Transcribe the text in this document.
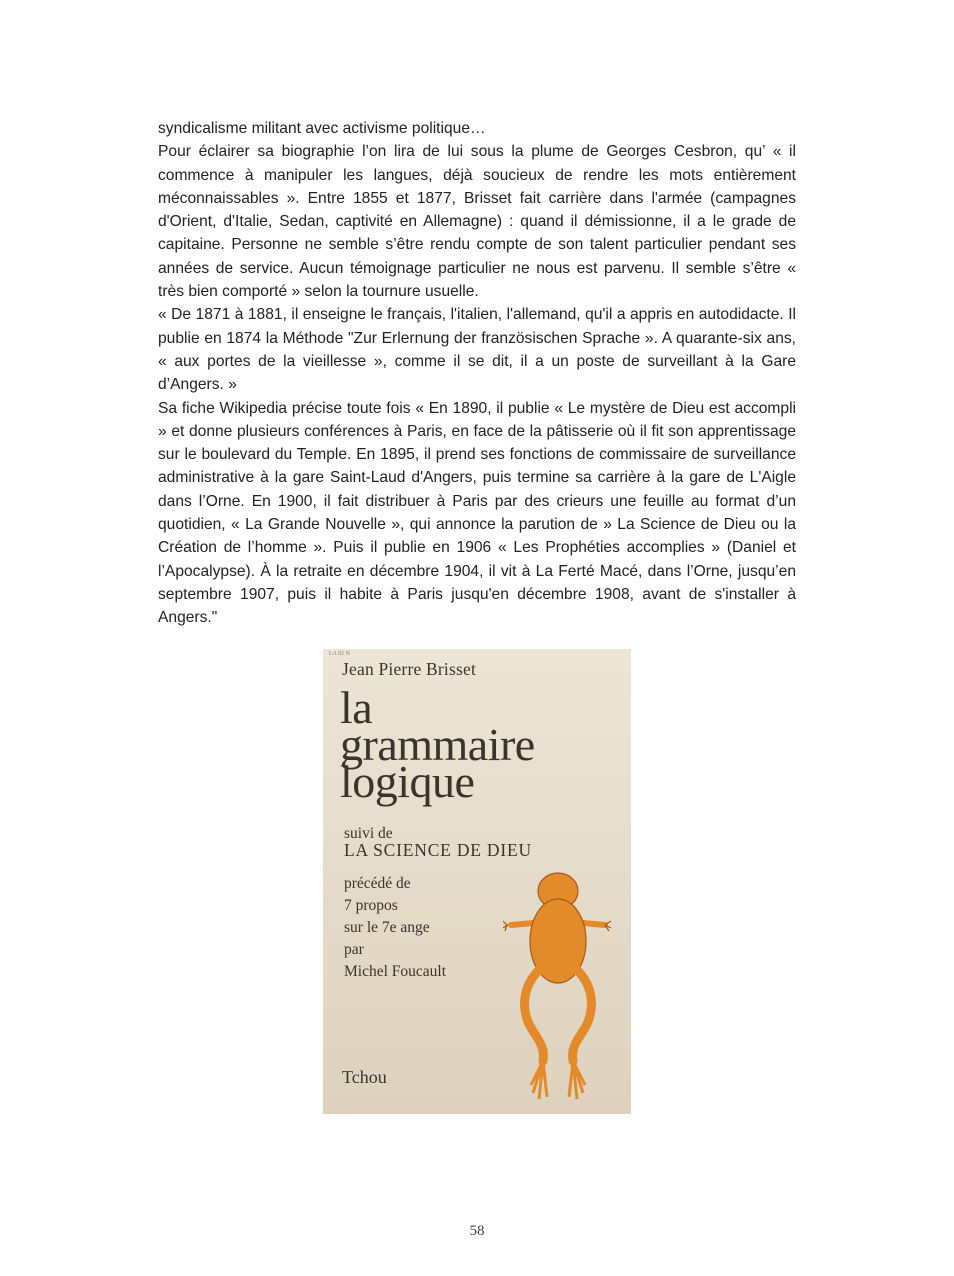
syndicalisme militant avec activisme politique…

Pour éclairer sa biographie l’on lira de lui sous la plume de Georges Cesbron, qu’ « il commence à manipuler les langues, déjà soucieux de rendre les mots entièrement méconnaissables ». Entre 1855 et 1877, Brisset fait carrière dans l'armée (campagnes d'Orient, d'Italie, Sedan, captivité en Allemagne) : quand il démissionne, il a le grade de capitaine. Personne ne semble s’être rendu compte de son talent particulier pendant ses années de service. Aucun témoignage particulier ne nous est parvenu. Il semble s’être « très bien comporté » selon la tournure usuelle.

« De 1871 à 1881, il enseigne le français, l'italien, l'allemand, qu'il a appris en autodidacte. Il publie en 1874 la Méthode "Zur Erlernung der französischen Sprache ». A quarante-six ans, « aux portes de la vieillesse », comme il se dit, il a un poste de surveillant à la Gare d’Angers. »

Sa fiche Wikipedia précise toute fois « En 1890, il publie « Le mystère de Dieu est accompli » et donne plusieurs conférences à Paris, en face de la pâtisserie où il fit son apprentissage sur le boulevard du Temple. En 1895, il prend ses fonctions de commissaire de surveillance administrative à la gare Saint-Laud d'Angers, puis termine sa carrière à la gare de L'Aigle dans l’Orne. En 1900, il fait distribuer à Paris par des crieurs une feuille au format d’un quotidien, « La Grande Nouvelle », qui annonce la parution de » La Science de Dieu ou la Création de l’homme ». Puis il publie en 1906 « Les Prophéties accomplies » (Daniel et l’Apocalypse). À la retraite en décembre 1904, il vit à La Ferté Macé, dans l’Orne, jusqu’en septembre 1907, puis il habite à Paris jusqu'en décembre 1908, avant de s'installer à Angers."

LA 02 N
Jean Pierre Brisset
la
grammaire
logique
suivi de
LA SCIENCE DE DIEU
précédé de
7 propos
sur le 7e ange
par
Michel Foucault
Tchou
58
